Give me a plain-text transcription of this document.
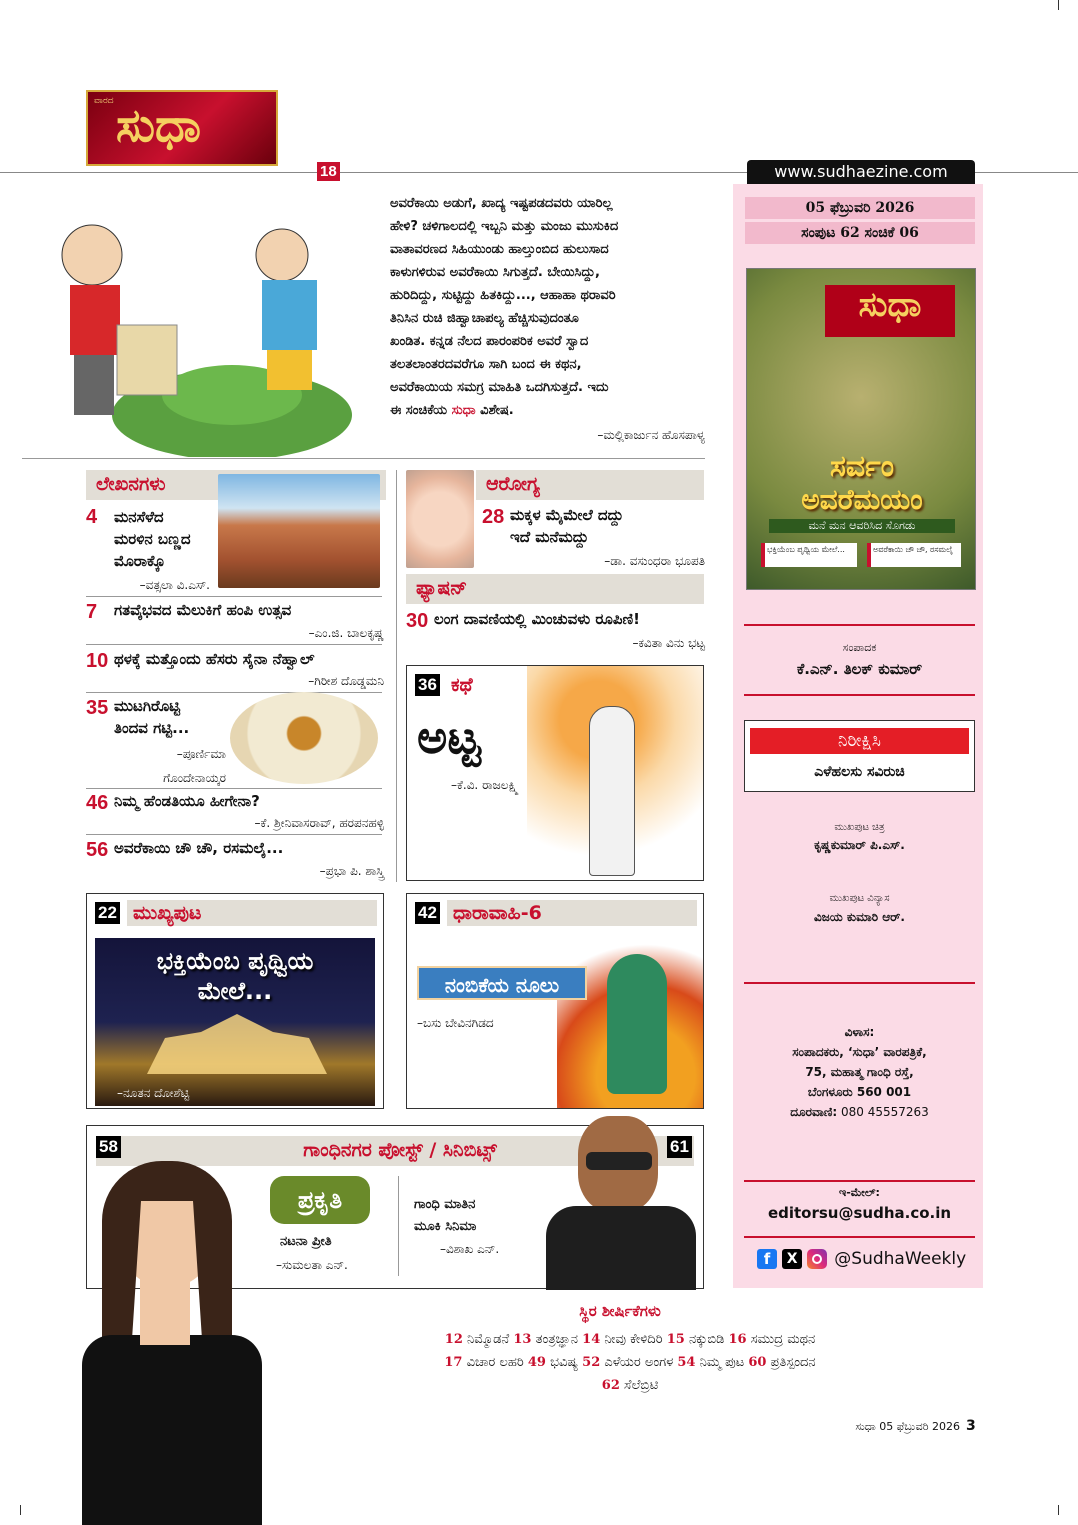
ವಾರದ ಸುಧಾ
18	www.sudhaezine.com
05 ಫೆಬ್ರುವರಿ 2026
ಸಂಪುಟ 62 ಸಂಚಿಕೆ 06
ಸುಧಾ
ಸರ್ವಂ
ಅವರೆಮಯಂ
ಮನೆ ಮನ ಆವರಿಸಿದ ಸೊಗಡು
ಭಕ್ತಿಯೆಂಬ ಪೃಥ್ವಿಯ ಮೇಲೆ...	ಅವರೆಕಾಯಿ ಚೌ ಚೌ, ರಸಮಲೈ
ಸಂಪಾದಕ
ಕೆ.ಎನ್. ತಿಲಕ್ ಕುಮಾರ್
ನಿರೀಕ್ಷಿಸಿ
ಎಳೆಹಲಸು ಸವಿರುಚಿ
ಮುಖಪುಟ ಚಿತ್ರ
ಕೃಷ್ಣಕುಮಾರ್ ಪಿ.ಎಸ್.
ಮುಖಪುಟ ವಿನ್ಯಾಸ
ವಿಜಯ ಕುಮಾರಿ ಆರ್.
ವಿಳಾಸ:
ಸಂಪಾದಕರು, ‘ಸುಧಾ’ ವಾರಪತ್ರಿಕೆ,
75, ಮಹಾತ್ಮ ಗಾಂಧಿ ರಸ್ತೆ,
ಬೆಂಗಳೂರು 560 001
ದೂರವಾಣಿ: 080 45557263
ಇ-ಮೇಲ್:
editorsu@sudha.co.in
f X @SudhaWeekly
ಅವರೆಕಾಯಿ ಅಡುಗೆ, ಖಾದ್ಯ ಇಷ್ಟಪಡದವರು ಯಾರಿಲ್ಲ
ಹೇಳಿ? ಚಳಿಗಾಲದಲ್ಲಿ ಇಬ್ಬನಿ ಮತ್ತು ಮಂಜು ಮುಸುಕಿದ
ವಾತಾವರಣದ ಸಿಹಿಯುಂಡು ಹಾಲ್ತುಂಬಿದ ಹುಲುಸಾದ
ಕಾಳುಗಳಿರುವ ಅವರೆಕಾಯಿ ಸಿಗುತ್ತದೆ. ಬೇಯಿಸಿದ್ದು,
ಹುರಿದಿದ್ದು, ಸುಟ್ಟಿದ್ದು ಹಿತಕಿದ್ದು..., ಆಹಾಹಾ ಥರಾವರಿ
ತಿನಿಸಿನ ರುಚಿ ಜಿಹ್ವಾಚಾಪಲ್ಯ ಹೆಚ್ಚಿಸುವುದಂತೂ
ಖಂಡಿತ. ಕನ್ನಡ ನೆಲದ ಪಾರಂಪರಿಕ ಅವರೆ ಸ್ವಾದ
ತಲತಲಾಂತರದವರೆಗೂ ಸಾಗಿ ಬಂದ ಈ ಕಥನ,
ಅವರೆಕಾಯಿಯ ಸಮಗ್ರ ಮಾಹಿತಿ ಒದಗಿಸುತ್ತದೆ. ಇದು
ಈ ಸಂಚಿಕೆಯ ಸುಧಾ ವಿಶೇಷ.
–ಮಲ್ಲಿಕಾರ್ಜುನ ಹೊಸಪಾಳ್ಯ
ಲೇಖನಗಳು
4 ಮನಸೆಳೆದ
ಮರಳಿನ ಬಣ್ಣದ
ಮೊರಾಕ್ಕೊ
–ವತ್ಸಲಾ ವಿ.ಎಸ್.
7 ಗತವೈಭವದ ಮೆಲುಕಿಗೆ ಹಂಪಿ ಉತ್ಸವ
–ಎಂ.ಜಿ. ಬಾಲಕೃಷ್ಣ
10 ಥಳಕ್ಕೆ ಮತ್ತೊಂದು ಹೆಸರು ಸೈನಾ ನೆಹ್ವಾಲ್
–ಗಿರೀಶ ದೊಡ್ಡಮನಿ
35 ಮುಟಗಿರೊಟ್ಟಿ
ತಿಂದವ ಗಟ್ಟಿ...
–ಪೂರ್ಣಿಮಾ
ಗೊಂದೇನಾಯ್ಕರ
46 ನಿಮ್ಮ ಹೆಂಡತಿಯೂ ಹೀಗೇನಾ?
–ಕೆ. ಶ್ರೀನಿವಾಸರಾವ್, ಹರಪನಹಳ್ಳಿ
56 ಅವರೆಕಾಯಿ ಚೌ ಚೌ, ರಸಮಲೈ...
–ಪ್ರಭಾ ಪಿ. ಶಾಸ್ತ್ರಿ
ಆರೋಗ್ಯ
28 ಮಕ್ಕಳ ಮೈಮೇಲೆ ದದ್ದು
ಇದೆ ಮನೆಮದ್ದು
–ಡಾ. ವಸುಂಧರಾ ಭೂಪತಿ
ಫ್ಯಾಷನ್
30 ಲಂಗ ದಾವಣಿಯಲ್ಲಿ ಮಿಂಚುವಳು ರೂಪಿಣಿ!
–ಕವಿತಾ ವಿನು ಭಟ್ಟ
36 ಕಥೆ
ಅಟ್ಟ
–ಕೆ.ವಿ. ರಾಜಲಕ್ಷ್ಮಿ
22 ಮುಖ್ಯಪುಟ
ಭಕ್ತಿಯೆಂಬ ಪೃಥ್ವಿಯ
ಮೇಲೆ...
–ನೂತನ ದೋಶೆಟ್ಟಿ
42 ಧಾರಾವಾಹಿ-6
ನಂಬಿಕೆಯ ನೂಲು
–ಬಸು ಬೇವಿನಗಿಡದ
58	61
ಗಾಂಧಿನಗರ ಪೋಸ್ಟ್ / ಸಿನಿಬಿಟ್ಸ್
ಪ್ರಕೃತಿ
ನಟನಾ ಪ್ರೀತಿ
–ಸುಮಲತಾ ಎನ್.
ಗಾಂಧಿ ಮಾತಿನ
ಮೂಕಿ ಸಿನಿಮಾ
–ವಿಶಾಖ ಎನ್.
ಸ್ಥಿರ ಶೀರ್ಷಿಕೆಗಳು
12 ನಿಮ್ಮೊಡನೆ 13 ತಂತ್ರಜ್ಞಾನ 14 ನೀವು ಕೇಳಿದಿರಿ 15 ನಕ್ಕುಬಿಡಿ 16 ಸಮುದ್ರ ಮಥನ
17 ವಿಚಾರ ಲಹರಿ 49 ಭವಿಷ್ಯ 52 ಎಳೆಯರ ಅಂಗಳ 54 ನಿಮ್ಮ ಪುಟ 60 ಪ್ರತಿಸ್ಪಂದನ
62 ಸೆಲೆಬ್ರಿಟಿ
ಸುಧಾ 05 ಫೆಬ್ರುವರಿ 2026 3
